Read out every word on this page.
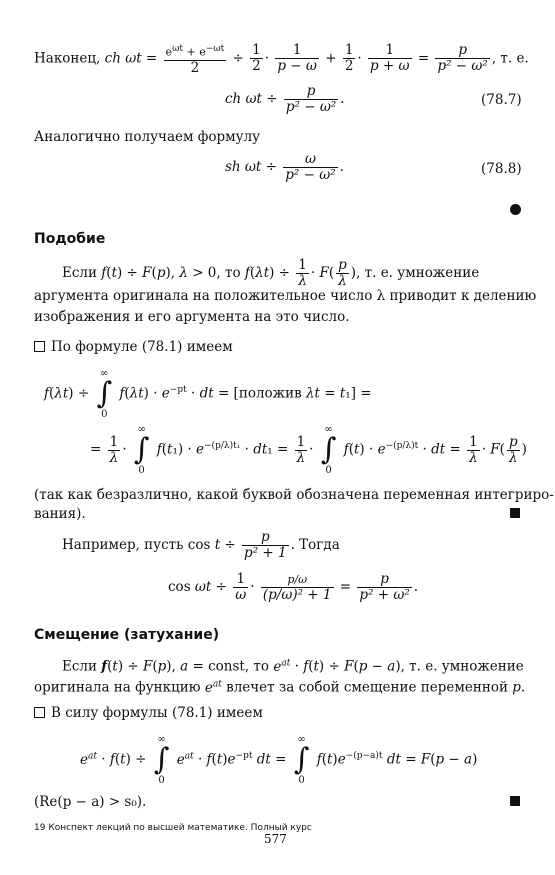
Наконец, ch $\omega t = \frac{e^{\omega t} + e^{-\omega t}}{2} \div \frac{1}{2} \cdot \frac{1}{p - \omega} + \frac{1}{2} \cdot \frac{1}{p + \omega} = \frac{p}{\text{p² − ω²}}$ , т. е.
ch $\omega t \div \frac{p}{\text{p² − ω²}}$ .	(78.7)
Аналогично получаем формулу
sh $\omega t \div \frac{\omega}{\text{p² − ω²}}$ .	(78.8)
Подобие
Если f(t) ÷ F(p), λ > 0, то $f(\lambda t) \div \frac{1}{\lambda} \cdot F( \frac{p}{\lambda}$ ), т. е. умножение
аргумента оригинала на положительное число λ приводит к делению
изображения и его аргумента на это число.
По формуле (78.1) имеем
f(λt) ÷
∞
∫
0
$f(\lambda t) \cdot e^{-pt}$ · dt = [положив λt = t₁] =
= $\frac{1}{\lambda}$ ·
∞
∫
0
$f(t_1) \cdot e^{-(p/\lambda)t_1} \cdot dt_1 = \frac{1}{\lambda}$ ·
∞
∫
0
$f(t) \cdot e^{-(p/\lambda)t}$ · dt = $\frac{1}{\lambda} \cdot F( \frac{p}{\lambda}$ )
(так как безразлично, какой буквой обозначена переменная интегриро-
вания).
Например, пусть $\cos t \div \frac{p}{\text{p² + 1}}$ . Тогда
$\cos \omega t \div \frac{1}{\omega} \cdot \frac{p/\omega}{\text{(p/ω)² + 1}} = \frac{p}{\text{p² + ω²}}$ .
Смещение (затухание)
Если f(t) ÷ F(p), a = const, то $e^{at} \cdot f(t) \div F(p - a)$, т. е. умножение
оригинала на функцию $e^{at}$ влечет за собой смещение переменной p.
В силу формулы (78.1) имеем
$e^{at} \cdot f(t)$ ÷
∞
∫
0
$e^{at} \cdot f(t)e^{-pt}$ dt =
∞
∫
0
$f(t)e^{-(p-a)t}$ dt = F(p − a)
(Re(p − a) > s₀).
19 Конспект лекций по высшей математике. Полный курс
577
